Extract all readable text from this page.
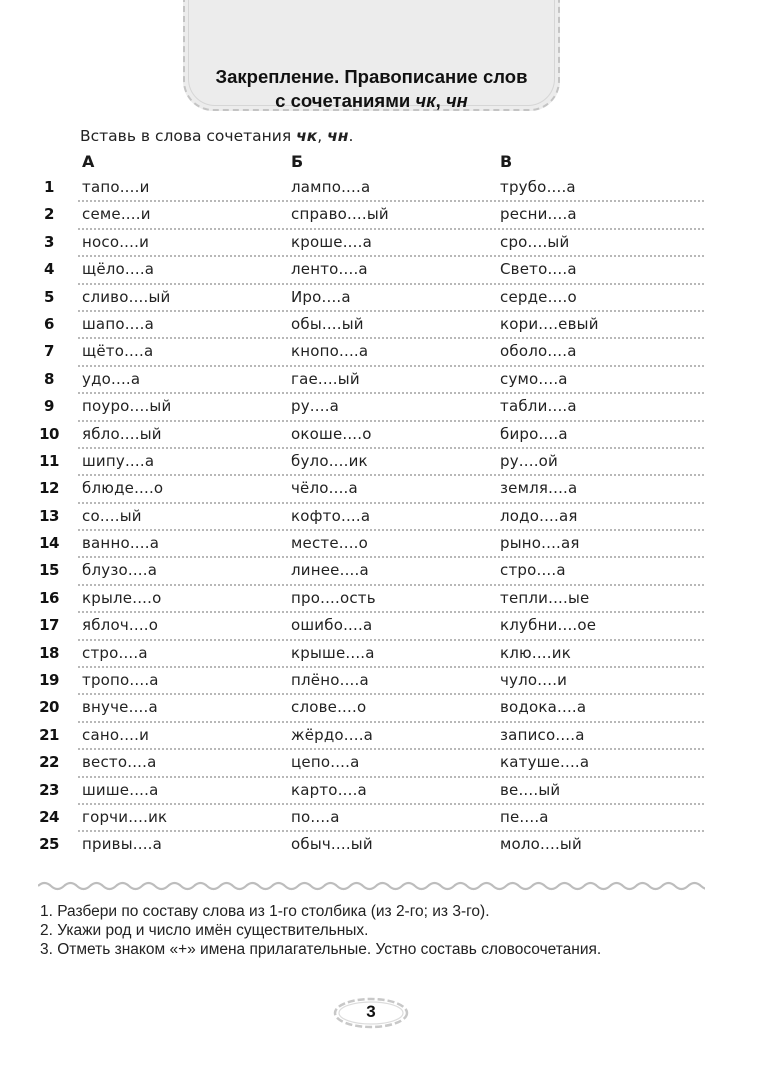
Закрепление. Правописание слов
с сочетаниями чк, чн
Вставь в слова сочетания чк, чн.
А	Б	В
1	тапо....и	лампо....а	трубо....а
2	семе....и	справо....ый	ресни....а
3	носо....и	кроше....а	сро....ый
4	щёло....а	ленто....а	Свето....а
5	сливо....ый	Иро....а	серде....о
6	шапо....а	обы....ый	кори....евый
7	щёто....а	кнопо....а	оболо....а
8	удо....а	гае....ый	сумо....а
9	поуро....ый	ру....а	табли....а
10	ябло....ый	окоше....о	биро....а
11	шипу....а	було....ик	ру....ой
12	блюде....о	чёло....а	земля....а
13	со....ый	кофто....а	лодо....ая
14	ванно....а	месте....о	рыно....ая
15	блузо....а	линее....а	стро....а
16	крыле....о	про....ость	тепли....ые
17	яблоч....о	ошибо....а	клубни....ое
18	стро....а	крыше....а	клю....ик
19	тропо....а	плёно....а	чуло....и
20	внуче....а	слове....о	водока....а
21	сано....и	жёрдо....а	записо....а
22	весто....а	цепо....а	катуше....а
23	шише....а	карто....а	ве....ый
24	горчи....ик	по....а	пе....а
25	привы....а	обыч....ый	моло....ый
1. Разбери по составу слова из 1-го столбика (из 2-го; из 3-го).
2. Укажи род и число имён существительных.
3. Отметь знаком «+» имена прилагательные. Устно составь словосочетания.
3
